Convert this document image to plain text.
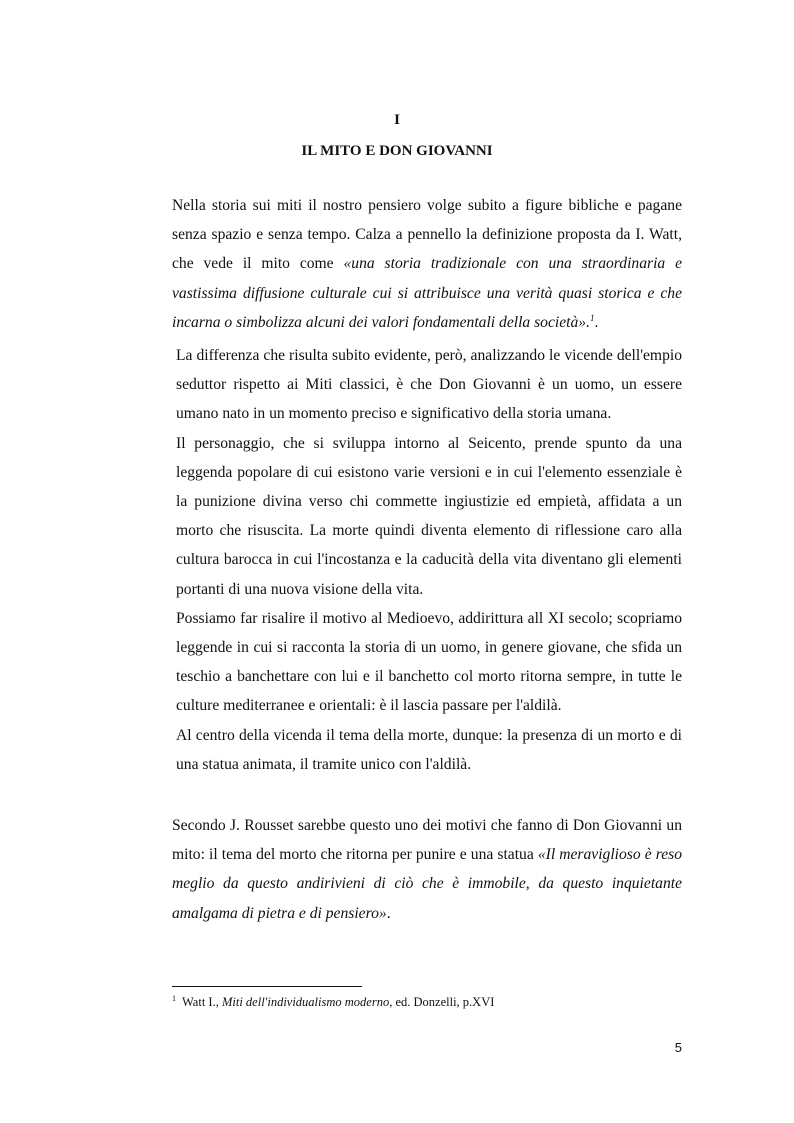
I

IL MITO E DON GIOVANNI

Nella storia sui miti il nostro pensiero volge subito a figure bibliche e pagane senza spazio e senza tempo. Calza a pennello la definizione proposta da I. Watt, che vede il mito come «una storia tradizionale con una straordinaria e vastissima diffusione culturale cui si attribuisce una verità quasi storica e che incarna o simbolizza alcuni dei valori fondamentali della società».$^1$.

La differenza che risulta subito evidente, però, analizzando le vicende dell'empio seduttor rispetto ai Miti classici, è che Don Giovanni è un uomo, un essere umano nato in un momento preciso e significativo della storia umana.

Il personaggio, che si sviluppa intorno al Seicento, prende spunto da una leggenda popolare di cui esistono varie versioni e in cui l'elemento essenziale è la punizione divina verso chi commette ingiustizie ed empietà, affidata a un morto che risuscita. La morte quindi diventa elemento di riflessione caro alla cultura barocca in cui l'incostanza e la caducità della vita diventano gli elementi portanti di una nuova visione della vita.

Possiamo far risalire il motivo al Medioevo, addirittura all XI secolo; scopriamo leggende in cui si racconta la storia di un uomo, in genere giovane, che sfida un teschio a banchettare con lui e il banchetto col morto ritorna sempre, in tutte le culture mediterranee e orientali: è il lascia passare per l'aldilà.

Al centro della vicenda il tema della morte, dunque: la presenza di un morto e di una statua animata, il tramite unico con l'aldilà.

Secondo J. Rousset sarebbe questo uno dei motivi che fanno di Don Giovanni un mito: il tema del morto che ritorna per punire e una statua «Il meraviglioso è reso meglio da questo andirivieni di ciò che è immobile, da questo inquietante amalgama di pietra e di pensiero».

$^1$ Watt I., Miti dell'individualismo moderno, ed. Donzelli, p.XVI

5
